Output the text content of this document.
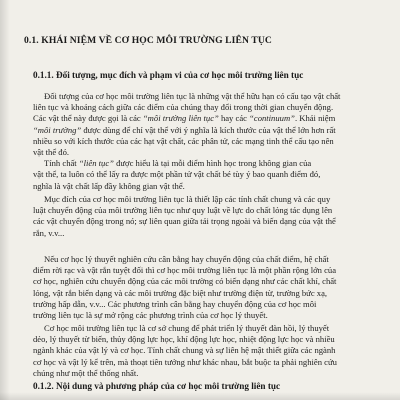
0.1. KHÁI NIỆM VỀ CƠ HỌC MÔI TRƯỜNG LIÊN TỤC
0.1.1. Đối tượng, mục đích và phạm vi của cơ học môi trường liên tục
Đối tượng của cơ học môi trường liên tục là những vật thể hữu hạn có cấu tạo vật chất
liên tục và khoảng cách giữa các điểm của chúng thay đổi trong thời gian chuyển động.
Các vật thể này được gọi là các “môi trường liên tục” hay các “continuum”. Khái niệm
“môi trường” được dùng để chỉ vật thể với ý nghĩa là kích thước của vật thể lớn hơn rất
nhiều so với kích thước của các hạt vật chất, các phân tử, các mạng tinh thể cấu tạo nên
vật thể đó.
Tính chất “liên tục” được hiểu là tại mỗi điểm hình học trong không gian của
vật thể, ta luôn có thể lấy ra được một phần tử vật chất bé tùy ý bao quanh điểm đó,
nghĩa là vật chất lấp đầy không gian vật thể.
Mục đích của cơ học môi trường liên tục là thiết lập các tính chất chung và các quy
luật chuyển động của môi trường liên tục như quy luật về lực do chất lỏng tác dụng lên
các vật chuyển động trong nó; sự liên quan giữa tải trọng ngoài và biến dạng của vật thể
rắn, v.v...
Nếu cơ học lý thuyết nghiên cứu cân bằng hay chuyển động của chất điểm, hệ chất
điểm rời rạc và vật rắn tuyệt đối thì cơ học môi trường liên tục là một phần rộng lớn của
cơ học, nghiên cứu chuyển động của các môi trường có biến dạng như các chất khí, chất
lỏng, vật rắn biến dạng và các môi trường đặc biệt như trường điện từ, trường bức xạ,
trường hấp dẫn, v.v... Các phương trình cân bằng hay chuyển động của cơ học môi
trường liên tục là sự mở rộng các phương trình của cơ học lý thuyết.
Cơ học môi trường liên tục là cơ sở chung để phát triển lý thuyết đàn hồi, lý thuyết
dẻo, lý thuyết từ biến, thủy động lực học, khí động lực học, nhiệt động lực học và nhiều
ngành khác của vật lý và cơ học. Tính chất chung và sự liên hệ mật thiết giữa các ngành
cơ học và vật lý kể trên, mà thoạt tiên tưởng như khác nhau, bắt buộc ta phải nghiên cứu
chúng như một thể thống nhất.
0.1.2. Nội dung và phương pháp của cơ học môi trường liên tục
